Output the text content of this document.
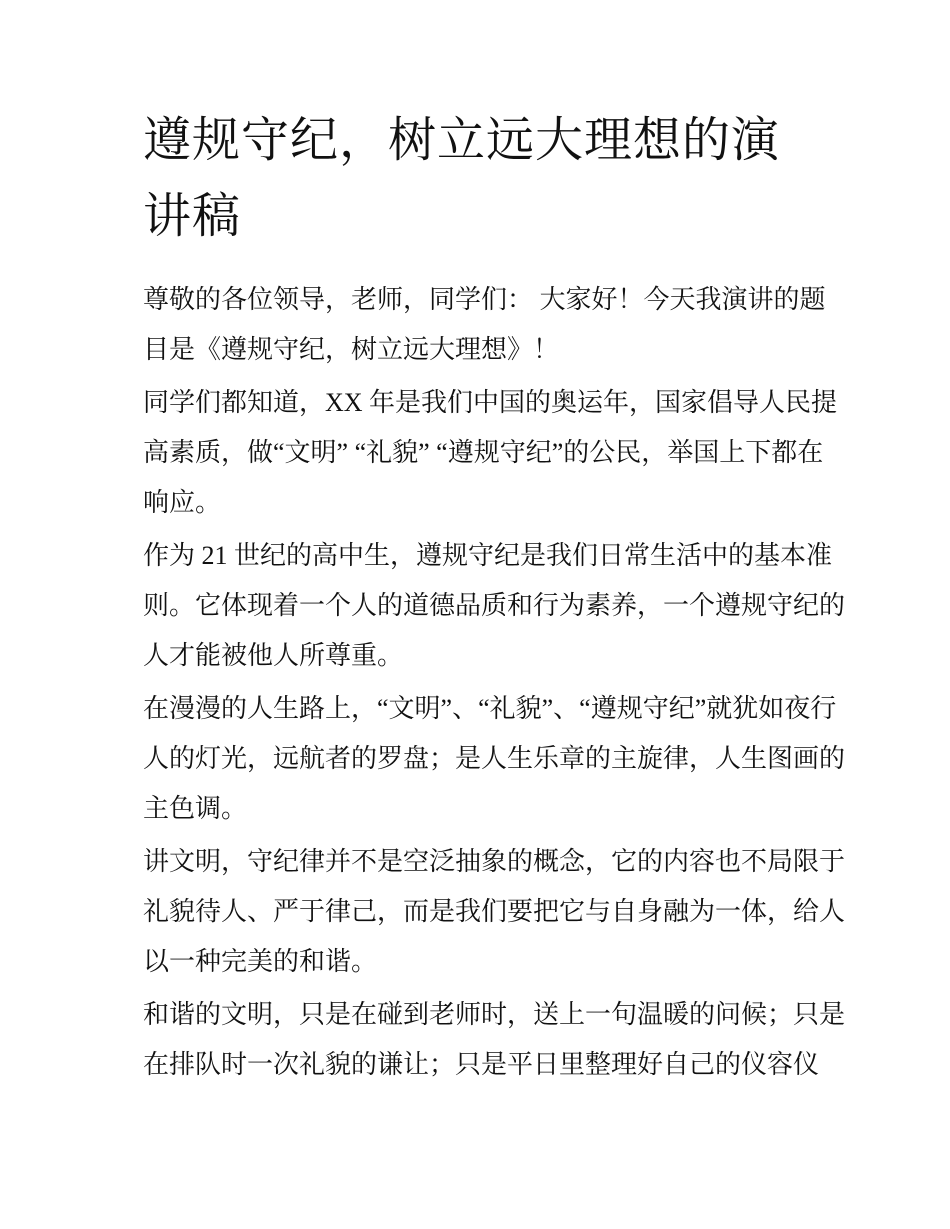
遵规守纪，树立远大理想的演
讲稿

尊敬的各位领导，老师，同学们： 大家好！今天我演讲的题
目是《遵规守纪，树立远大理想》！

同学们都知道，XX 年是我们中国的奥运年，国家倡导人民提
高素质，做“文明” “礼貌” “遵规守纪”的公民，举国上下都在
响应。

作为 21 世纪的高中生，遵规守纪是我们日常生活中的基本准
则。它体现着一个人的道德品质和行为素养，一个遵规守纪的
人才能被他人所尊重。

在漫漫的人生路上，“文明”、“礼貌”、“遵规守纪”就犹如夜行
人的灯光，远航者的罗盘；是人生乐章的主旋律，人生图画的
主色调。

讲文明，守纪律并不是空泛抽象的概念，它的内容也不局限于
礼貌待人、严于律己，而是我们要把它与自身融为一体，给人
以一种完美的和谐。

和谐的文明，只是在碰到老师时，送上一句温暖的问候；只是
在排队时一次礼貌的谦让；只是平日里整理好自己的仪容仪
